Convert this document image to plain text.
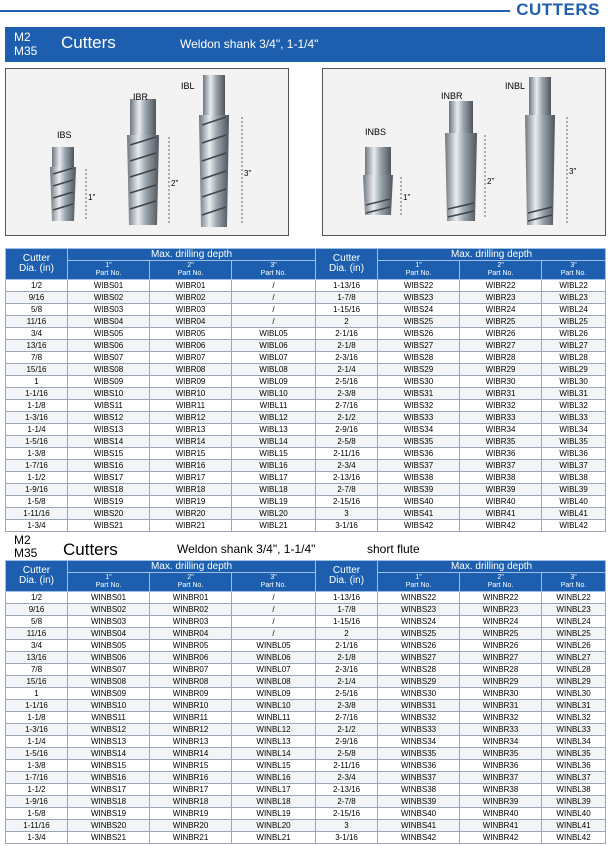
CUTTERS
M2
M35 Cutters	Weldon shank 3/4", 1-1/4"
IBS
IBR
IBL
1"
2"
3"
INBS
INBR
INBL
1"
2"
3"
Cutter
Dia. (in)	Max. drilling depth			Cutter
Dia. (in)	Max. drilling depth		
	1"
Part No.	2"
Part No.	3"
Part No.		1"
Part No.	2"
Part No.	3"
Part No.
1/2	WIBS01	WIBR01	/	1-13/16	WIBS22	WIBR22	WIBL22
9/16	WIBS02	WIBR02	/	1-7/8	WIBS23	WIBR23	WIBL23
5/8	WIBS03	WIBR03	/	1-15/16	WIBS24	WIBR24	WIBL24
11/16	WIBS04	WIBR04	/	2	WIBS25	WIBR25	WIBL25
3/4	WIBS05	WIBR05	WIBL05	2-1/16	WIBS26	WIBR26	WIBL26
13/16	WIBS06	WIBR06	WIBL06	2-1/8	WIBS27	WIBR27	WIBL27
7/8	WIBS07	WIBR07	WIBL07	2-3/16	WIBS28	WIBR28	WIBL28
15/16	WIBS08	WIBR08	WIBL08	2-1/4	WIBS29	WIBR29	WIBL29
1	WIBS09	WIBR09	WIBL09	2-5/16	WIBS30	WIBR30	WIBL30
1-1/16	WIBS10	WIBR10	WIBL10	2-3/8	WIBS31	WIBR31	WIBL31
1-1/8	WIBS11	WIBR11	WIBL11	2-7/16	WIBS32	WIBR32	WIBL32
1-3/16	WIBS12	WIBR12	WIBL12	2-1/2	WIBS33	WIBR33	WIBL33
1-1/4	WIBS13	WIBR13	WIBL13	2-9/16	WIBS34	WIBR34	WIBL34
1-5/16	WIBS14	WIBR14	WIBL14	2-5/8	WIBS35	WIBR35	WIBL35
1-3/8	WIBS15	WIBR15	WIBL15	2-11/16	WIBS36	WIBR36	WIBL36
1-7/16	WIBS16	WIBR16	WIBL16	2-3/4	WIBS37	WIBR37	WIBL37
1-1/2	WIBS17	WIBR17	WIBL17	2-13/16	WIBS38	WIBR38	WIBL38
1-9/16	WIBS18	WIBR18	WIBL18	2-7/8	WIBS39	WIBR39	WIBL39
1-5/8	WIBS19	WIBR19	WIBL19	2-15/16	WIBS40	WIBR40	WIBL40
1-11/16	WIBS20	WIBR20	WIBL20	3	WIBS41	WIBR41	WIBL41
1-3/4	WIBS21	WIBR21	WIBL21	3-1/16	WIBS42	WIBR42	WIBL42
M2
M35 Cutters	Weldon shank 3/4", 1-1/4"	short flute
Cutter
Dia. (in)	Max. drilling depth			Cutter
Dia. (in)	Max. drilling depth		
	1"
Part No.	2"
Part No.	3"
Part No.		1"
Part No.	2"
Part No.	3"
Part No.
1/2	WINBS01	WINBR01	/	1-13/16	WINBS22	WINBR22	WINBL22
9/16	WINBS02	WINBR02	/	1-7/8	WINBS23	WINBR23	WINBL23
5/8	WINBS03	WINBR03	/	1-15/16	WINBS24	WINBR24	WINBL24
11/16	WINBS04	WINBR04	/	2	WINBS25	WINBR25	WINBL25
3/4	WINBS05	WINBR05	WINBL05	2-1/16	WINBS26	WINBR26	WINBL26
13/16	WINBS06	WINBR06	WINBL06	2-1/8	WINBS27	WINBR27	WINBL27
7/8	WINBS07	WINBR07	WINBL07	2-3/16	WINBS28	WINBR28	WINBL28
15/16	WINBS08	WINBR08	WINBL08	2-1/4	WINBS29	WINBR29	WINBL29
1	WINBS09	WINBR09	WINBL09	2-5/16	WINBS30	WINBR30	WINBL30
1-1/16	WINBS10	WINBR10	WINBL10	2-3/8	WINBS31	WINBR31	WINBL31
1-1/8	WINBS11	WINBR11	WINBL11	2-7/16	WINBS32	WINBR32	WINBL32
1-3/16	WINBS12	WINBR12	WINBL12	2-1/2	WINBS33	WINBR33	WINBL33
1-1/4	WINBS13	WINBR13	WINBL13	2-9/16	WINBS34	WINBR34	WINBL34
1-5/16	WINBS14	WINBR14	WINBL14	2-5/8	WINBS35	WINBR35	WINBL35
1-3/8	WINBS15	WINBR15	WINBL15	2-11/16	WINBS36	WINBR36	WINBL36
1-7/16	WINBS16	WINBR16	WINBL16	2-3/4	WINBS37	WINBR37	WINBL37
1-1/2	WINBS17	WINBR17	WINBL17	2-13/16	WINBS38	WINBR38	WINBL38
1-9/16	WINBS18	WINBR18	WINBL18	2-7/8	WINBS39	WINBR39	WINBL39
1-5/8	WINBS19	WINBR19	WINBL19	2-15/16	WINBS40	WINBR40	WINBL40
1-11/16	WINBS20	WINBR20	WINBL20	3	WINBS41	WINBR41	WINBL41
1-3/4	WINBS21	WINBR21	WINBL21	3-1/16	WINBS42	WINBR42	WINBL42
